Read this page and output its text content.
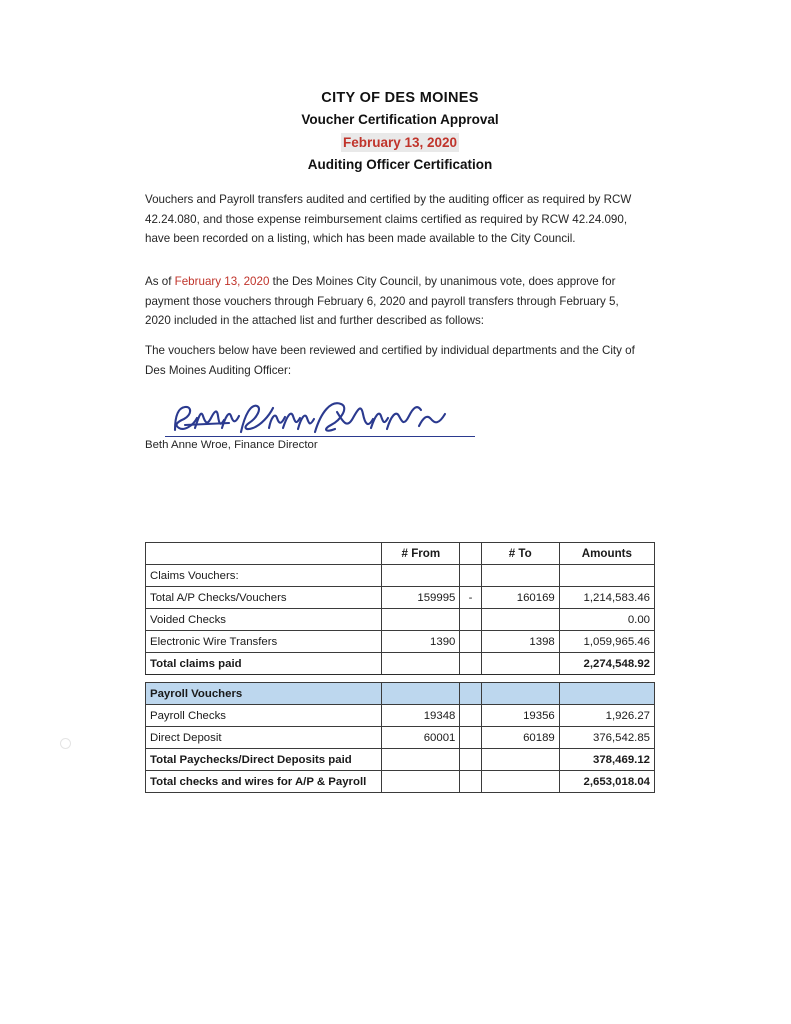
CITY OF DES MOINES
Voucher Certification Approval
February 13, 2020
Auditing Officer Certification
Vouchers and Payroll transfers audited and certified by the auditing officer as required by RCW 42.24.080, and those expense reimbursement claims certified as required by RCW 42.24.090, have been recorded on a listing, which has been made available to the City Council.
As of February 13, 2020 the Des Moines City Council, by unanimous vote, does approve for payment those vouchers through February 6, 2020 and payroll transfers through February 5, 2020 included in the attached list and further described as follows:
The vouchers below have been reviewed and certified by individual departments and the City of Des Moines Auditing Officer:
Beth Anne Wroe, Finance Director
	# From		# To	Amounts
Claims Vouchers:				
Total A/P Checks/Vouchers	159995	-	160169	1,214,583.46
Voided Checks				0.00
Electronic Wire Transfers	1390		1398	1,059,965.46
Total claims paid				2,274,548.92

Payroll Vouchers				
Payroll Checks	19348		19356	1,926.27
Direct Deposit	60001		60189	376,542.85
Total Paychecks/Direct Deposits paid				378,469.12
Total checks and wires for A/P & Payroll				2,653,018.04
